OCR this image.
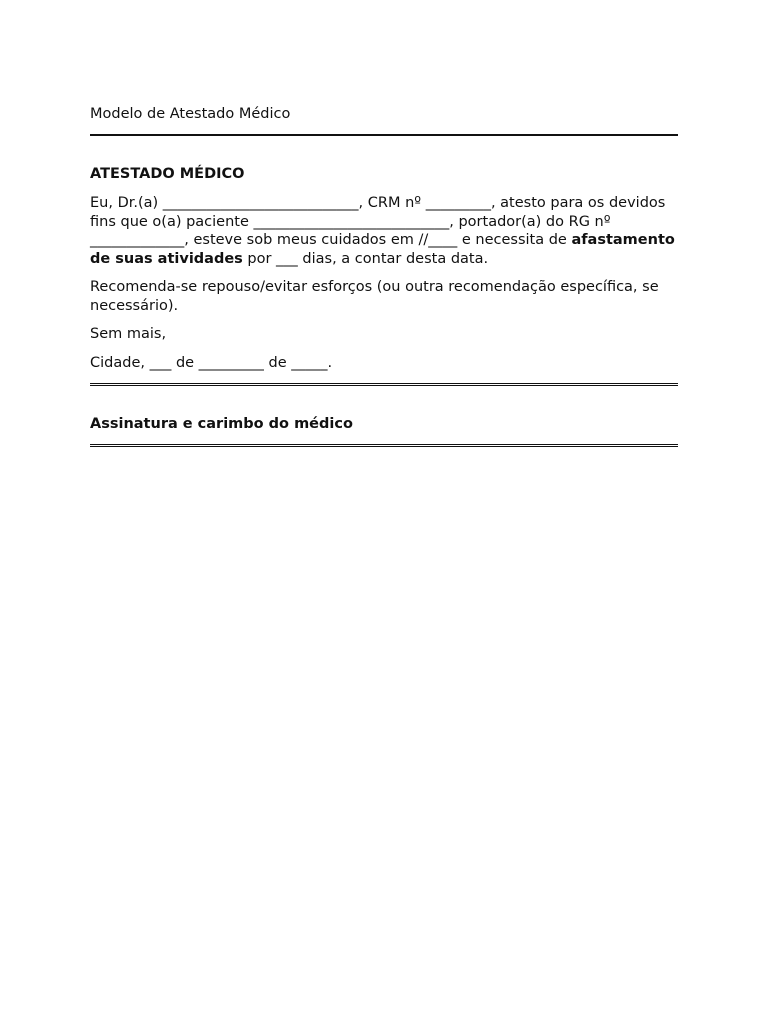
Modelo de Atestado Médico

ATESTADO MÉDICO

Eu, Dr.(a) ___________________________, CRM nº _________, atesto para os devidos fins que o(a) paciente ___________________________, portador(a) do RG nº _____________, esteve sob meus cuidados em //____ e necessita de afastamento de suas atividades por ___ dias, a contar desta data.

Recomenda-se repouso/evitar esforços (ou outra recomendação específica, se necessário).

Sem mais,

Cidade, ___ de _________ de _____.

Assinatura e carimbo do médico
